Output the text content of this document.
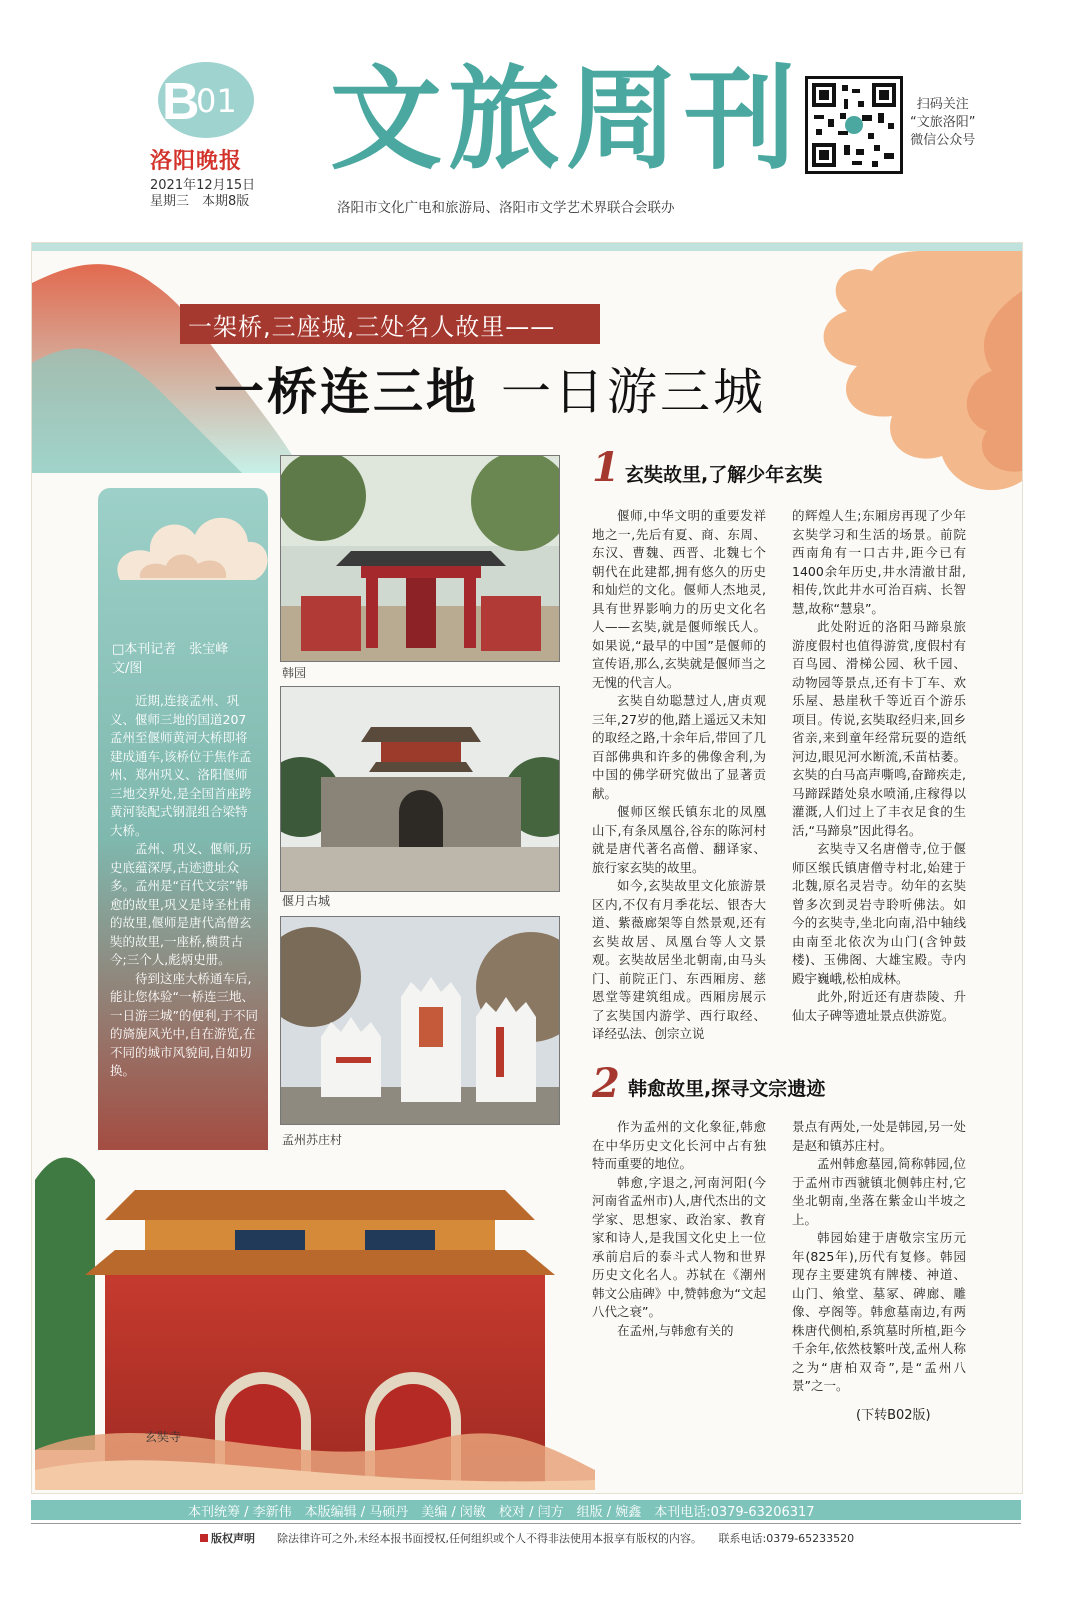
B
01
洛阳晚报
2021年12月15日
星期三　本期8版
文旅周刊
洛阳市文化广电和旅游局、洛阳市文学艺术界联合会联办
扫码关注
“文旅洛阳”
微信公众号
一架桥,三座城,三处名人故里——
一桥连三地 一日游三城
□本刊记者　张宝峰
文/图

近期,连接孟州、巩义、偃师三地的国道207孟州至偃师黄河大桥即将建成通车,该桥位于焦作孟州、郑州巩义、洛阳偃师三地交界处,是全国首座跨黄河装配式钢混组合梁特大桥。

孟州、巩义、偃师,历史底蕴深厚,古迹遗址众多。孟州是“百代文宗”韩愈的故里,巩义是诗圣杜甫的故里,偃师是唐代高僧玄奘的故里,一座桥,横贯古今;三个人,彪炳史册。

待到这座大桥通车后,能让您体验“一桥连三地、一日游三城”的便利,于不同的旖旎风光中,自在游览,在不同的城市风貌间,自如切换。

韩园
偃月古城
孟州苏庄村
玄奘寺
1 玄奘故里,了解少年玄奘

偃师,中华文明的重要发祥地之一,先后有夏、商、东周、东汉、曹魏、西晋、北魏七个朝代在此建都,拥有悠久的历史和灿烂的文化。偃师人杰地灵,具有世界影响力的历史文化名人——玄奘,就是偃师缑氏人。如果说,“最早的中国”是偃师的宣传语,那么,玄奘就是偃师当之无愧的代言人。

玄奘自幼聪慧过人,唐贞观三年,27岁的他,踏上遥远又未知的取经之路,十余年后,带回了几百部佛典和许多的佛像舍利,为中国的佛学研究做出了显著贡献。

偃师区缑氏镇东北的凤凰山下,有条凤凰谷,谷东的陈河村就是唐代著名高僧、翻译家、旅行家玄奘的故里。

如今,玄奘故里文化旅游景区内,不仅有月季花坛、银杏大道、紫薇廊架等自然景观,还有玄奘故居、凤凰台等人文景观。玄奘故居坐北朝南,由马头门、前院正门、东西厢房、慈恩堂等建筑组成。西厢房展示了玄奘国内游学、西行取经、译经弘法、创宗立说

的辉煌人生;东厢房再现了少年玄奘学习和生活的场景。前院西南角有一口古井,距今已有1400余年历史,井水清澈甘甜,相传,饮此井水可治百病、长智慧,故称“慧泉”。

此处附近的洛阳马蹄泉旅游度假村也值得游赏,度假村有百鸟园、滑梯公园、秋千园、动物园等景点,还有卡丁车、欢乐屋、悬崖秋千等近百个游乐项目。传说,玄奘取经归来,回乡省亲,来到童年经常玩耍的造纸河边,眼见河水断流,禾苗枯萎。玄奘的白马高声嘶鸣,奋蹄疾走,马蹄踩踏处泉水喷涌,庄稼得以灌溉,人们过上了丰衣足食的生活,“马蹄泉”因此得名。

玄奘寺又名唐僧寺,位于偃师区缑氏镇唐僧寺村北,始建于北魏,原名灵岩寺。幼年的玄奘曾多次到灵岩寺聆听佛法。如今的玄奘寺,坐北向南,沿中轴线由南至北依次为山门(含钟鼓楼)、玉佛阁、大雄宝殿。寺内殿宇巍峨,松柏成林。

此外,附近还有唐恭陵、升仙太子碑等遗址景点供游览。

2 韩愈故里,探寻文宗遗迹

作为孟州的文化象征,韩愈在中华历史文化长河中占有独特而重要的地位。

韩愈,字退之,河南河阳(今河南省孟州市)人,唐代杰出的文学家、思想家、政治家、教育家和诗人,是我国文化史上一位承前启后的泰斗式人物和世界历史文化名人。苏轼在《潮州韩文公庙碑》中,赞韩愈为“文起八代之衰”。

在孟州,与韩愈有关的

景点有两处,一处是韩园,另一处是赵和镇苏庄村。

孟州韩愈墓园,简称韩园,位于孟州市西虢镇北侧韩庄村,它坐北朝南,坐落在紫金山半坡之上。

韩园始建于唐敬宗宝历元年(825年),历代有复修。韩园现存主要建筑有牌楼、神道、山门、飨堂、墓冢、碑廊、雕像、亭阁等。韩愈墓南边,有两株唐代侧柏,系筑墓时所植,距今千余年,依然枝繁叶茂,孟州人称之为“唐柏双奇”,是“孟州八景”之一。

(下转B02版)
本刊统筹 / 李新伟　本版编辑 / 马硕丹　美编 / 闵敏　校对 / 闫方　组版 / 婉鑫　本刊电话:0379-63206317
版权声明　　 除法律许可之外,未经本报书面授权,任何组织或个人不得非法使用本报享有版权的内容。　　联系电话:0379-65233520
